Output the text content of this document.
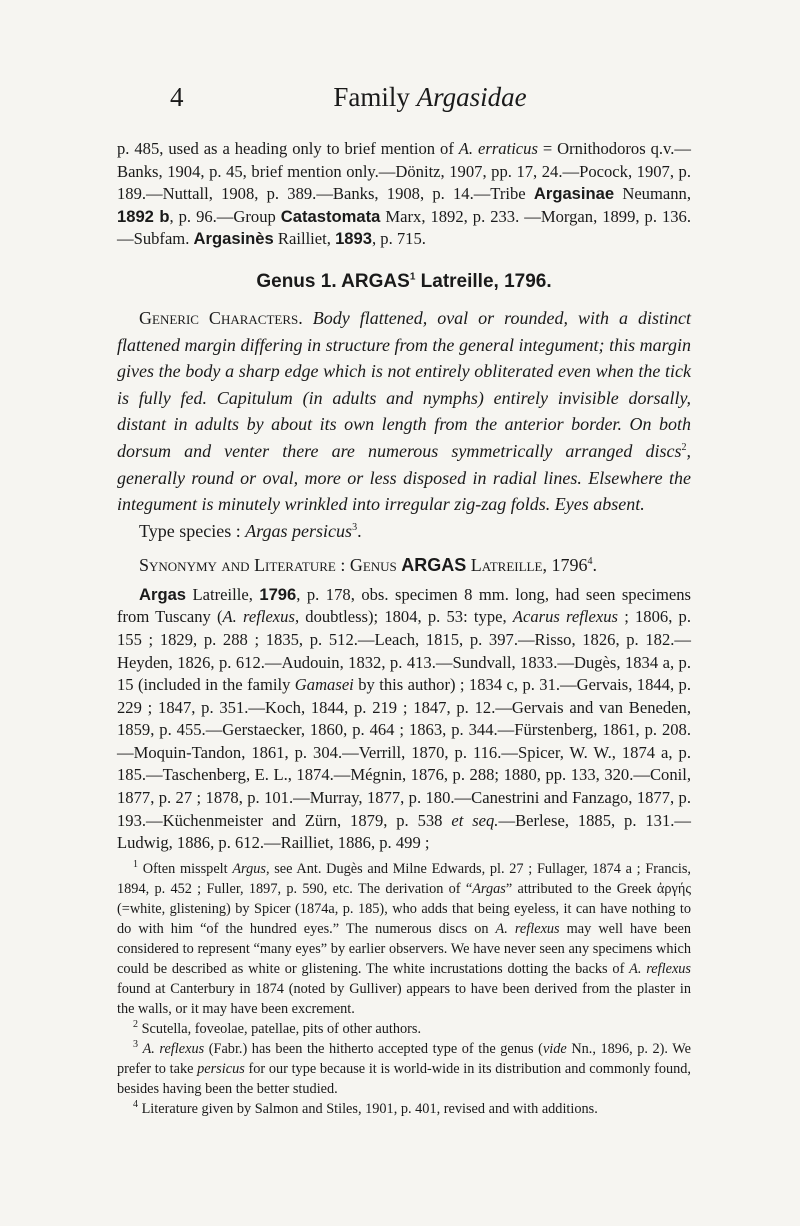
4	Family Argasidae

p. 485, used as a heading only to brief mention of A. erraticus = Ornithodoros q.v.—Banks, 1904, p. 45, brief mention only.—Dönitz, 1907, pp. 17, 24.—Pocock, 1907, p. 189.—Nuttall, 1908, p. 389.—Banks, 1908, p. 14.—Tribe Argasinae Neumann, 1892 b, p. 96.—Group Catastomata Marx, 1892, p. 233. —Morgan, 1899, p. 136.—Subfam. Argasinès Railliet, 1893, p. 715.

Genus 1. ARGAS$^1$ Latreille, 1796.

Generic Characters. Body flattened, oval or rounded, with a distinct flattened margin differing in structure from the general integument; this margin gives the body a sharp edge which is not entirely obliterated even when the tick is fully fed. Capitulum (in adults and nymphs) entirely invisible dorsally, distant in adults by about its own length from the anterior border. On both dorsum and venter there are numerous symmetrically arranged discs$^2$, generally round or oval, more or less disposed in radial lines. Elsewhere the integument is minutely wrinkled into irregular zig-zag folds. Eyes absent.

Type species : Argas persicus$^3$.

Synonymy and Literature : Genus ARGAS Latreille, 1796$^4$.

Argas Latreille, 1796, p. 178, obs. specimen 8 mm. long, had seen specimens from Tuscany (A. reflexus, doubtless); 1804, p. 53: type, Acarus reflexus ; 1806, p. 155 ; 1829, p. 288 ; 1835, p. 512.—Leach, 1815, p. 397.—Risso, 1826, p. 182.—Heyden, 1826, p. 612.—Audouin, 1832, p. 413.—Sundvall, 1833.—Dugès, 1834 a, p. 15 (included in the family Gamasei by this author) ; 1834 c, p. 31.—Gervais, 1844, p. 229 ; 1847, p. 351.—Koch, 1844, p. 219 ; 1847, p. 12.—Gervais and van Beneden, 1859, p. 455.—Gerstaecker, 1860, p. 464 ; 1863, p. 344.—Fürstenberg, 1861, p. 208.—Moquin-Tandon, 1861, p. 304.—Verrill, 1870, p. 116.—Spicer, W. W., 1874 a, p. 185.—Taschenberg, E. L., 1874.—Mégnin, 1876, p. 288; 1880, pp. 133, 320.—Conil, 1877, p. 27 ; 1878, p. 101.—Murray, 1877, p. 180.—Canestrini and Fanzago, 1877, p. 193.—Küchenmeister and Zürn, 1879, p. 538 et seq.—Berlese, 1885, p. 131.—Ludwig, 1886, p. 612.—Railliet, 1886, p. 499 ;

$^1$ Often misspelt Argus, see Ant. Dugès and Milne Edwards, pl. 27 ; Fullager, 1874 a ; Francis, 1894, p. 452 ; Fuller, 1897, p. 590, etc. The derivation of “Argas” attributed to the Greek ἀργής (=white, glistening) by Spicer (1874a, p. 185), who adds that being eyeless, it can have nothing to do with him “of the hundred eyes.” The numerous discs on A. reflexus may well have been considered to represent “many eyes” by earlier observers. We have never seen any specimens which could be described as white or glistening. The white incrustations dotting the backs of A. reflexus found at Canterbury in 1874 (noted by Gulliver) appears to have been derived from the plaster in the walls, or it may have been excrement.

$^2$ Scutella, foveolae, patellae, pits of other authors.

$^3$ A. reflexus (Fabr.) has been the hitherto accepted type of the genus (vide Nn., 1896, p. 2). We prefer to take persicus for our type because it is world-wide in its distribution and commonly found, besides having been the better studied.

$^4$ Literature given by Salmon and Stiles, 1901, p. 401, revised and with additions.
